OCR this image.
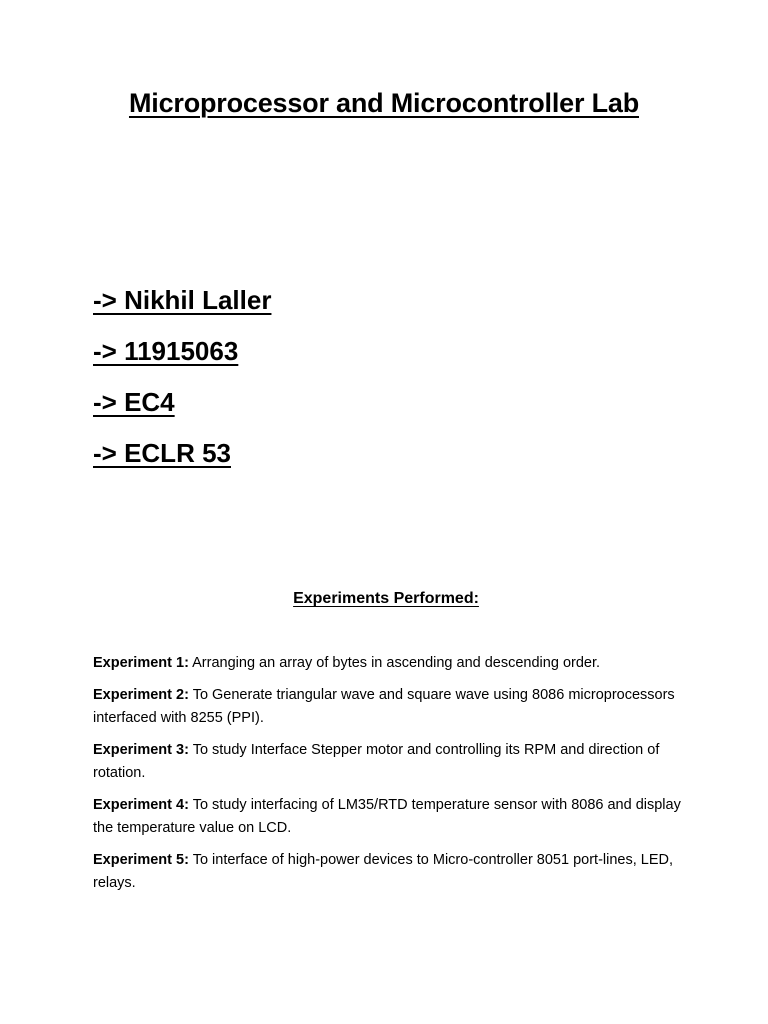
Microprocessor and Microcontroller Lab
-> Nikhil Laller
-> 11915063
-> EC4
-> ECLR 53
Experiments Performed:
Experiment 1: Arranging an array of bytes in ascending and descending order.
Experiment 2: To Generate triangular wave and square wave using 8086 microprocessors interfaced with 8255 (PPI).
Experiment 3: To study Interface Stepper motor and controlling its RPM and direction of rotation.
Experiment 4: To study interfacing of LM35/RTD temperature sensor with 8086 and display the temperature value on LCD.
Experiment 5: To interface of high-power devices to Micro-controller 8051 port-lines, LED, relays.
